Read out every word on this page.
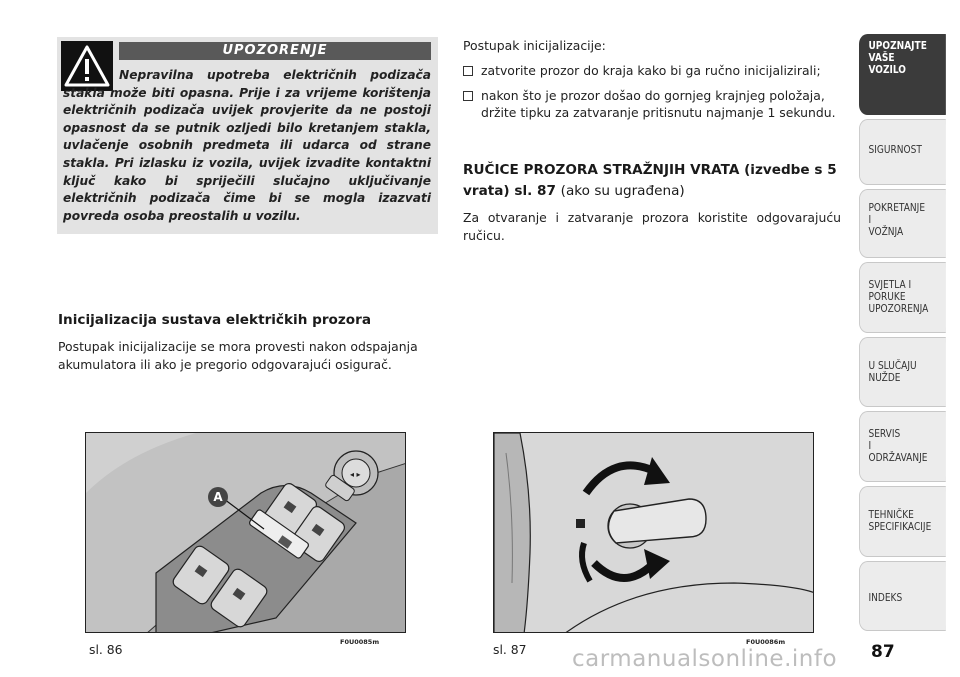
UPOZORENJE

Nepravilna upotreba električnih podizača stakla može biti opasna. Prije i za vrijeme korištenja električnih podizača uvijek provjerite da ne postoji opasnost da se putnik ozljedi bilo kretanjem stakla, uvlačenje osobnih predmeta ili udarca od strane stakla. Pri izlasku iz vozila, uvijek izvadite kontaktni ključ kako bi spriječili slučajno uključivanje električnih podizača čime bi se mogla izazvati povreda osoba preostalih u vozilu.

Inicijalizacija sustava električkih prozora

Postupak inicijalizacije se mora provesti nakon odspajanja akumulatora ili ako je pregorio odgovarajući osigurač.

Postupak inicijalizacije:

zatvorite prozor do kraja kako bi ga ručno inicijalizirali;
nakon što je prozor došao do gornjeg krajnjeg položaja, držite tipku za zatvaranje pritisnutu najmanje 1 sekundu.
RUČICE PROZORA STRAŽNJIH VRATA (izvedbe s 5 vrata) sl. 87 (ako su ugrađena)

Za otvaranje i zatvaranje prozora koristite odgovarajuću ručicu.

◂ ▸
A
sl. 86	F0U0085m	sl. 87	F0U0086m
UPOZNAJTE
VAŠE
VOZILO
SIGURNOST
POKRETANJE
I
VOŽNJA
SVJETLA I
PORUKE
UPOZORENJA
U SLUČAJU
NUŽDE
SERVIS
I
ODRŽAVANJE
TEHNIČKE
SPECIFIKACIJE
INDEKS
87
carmanualsonline.info
